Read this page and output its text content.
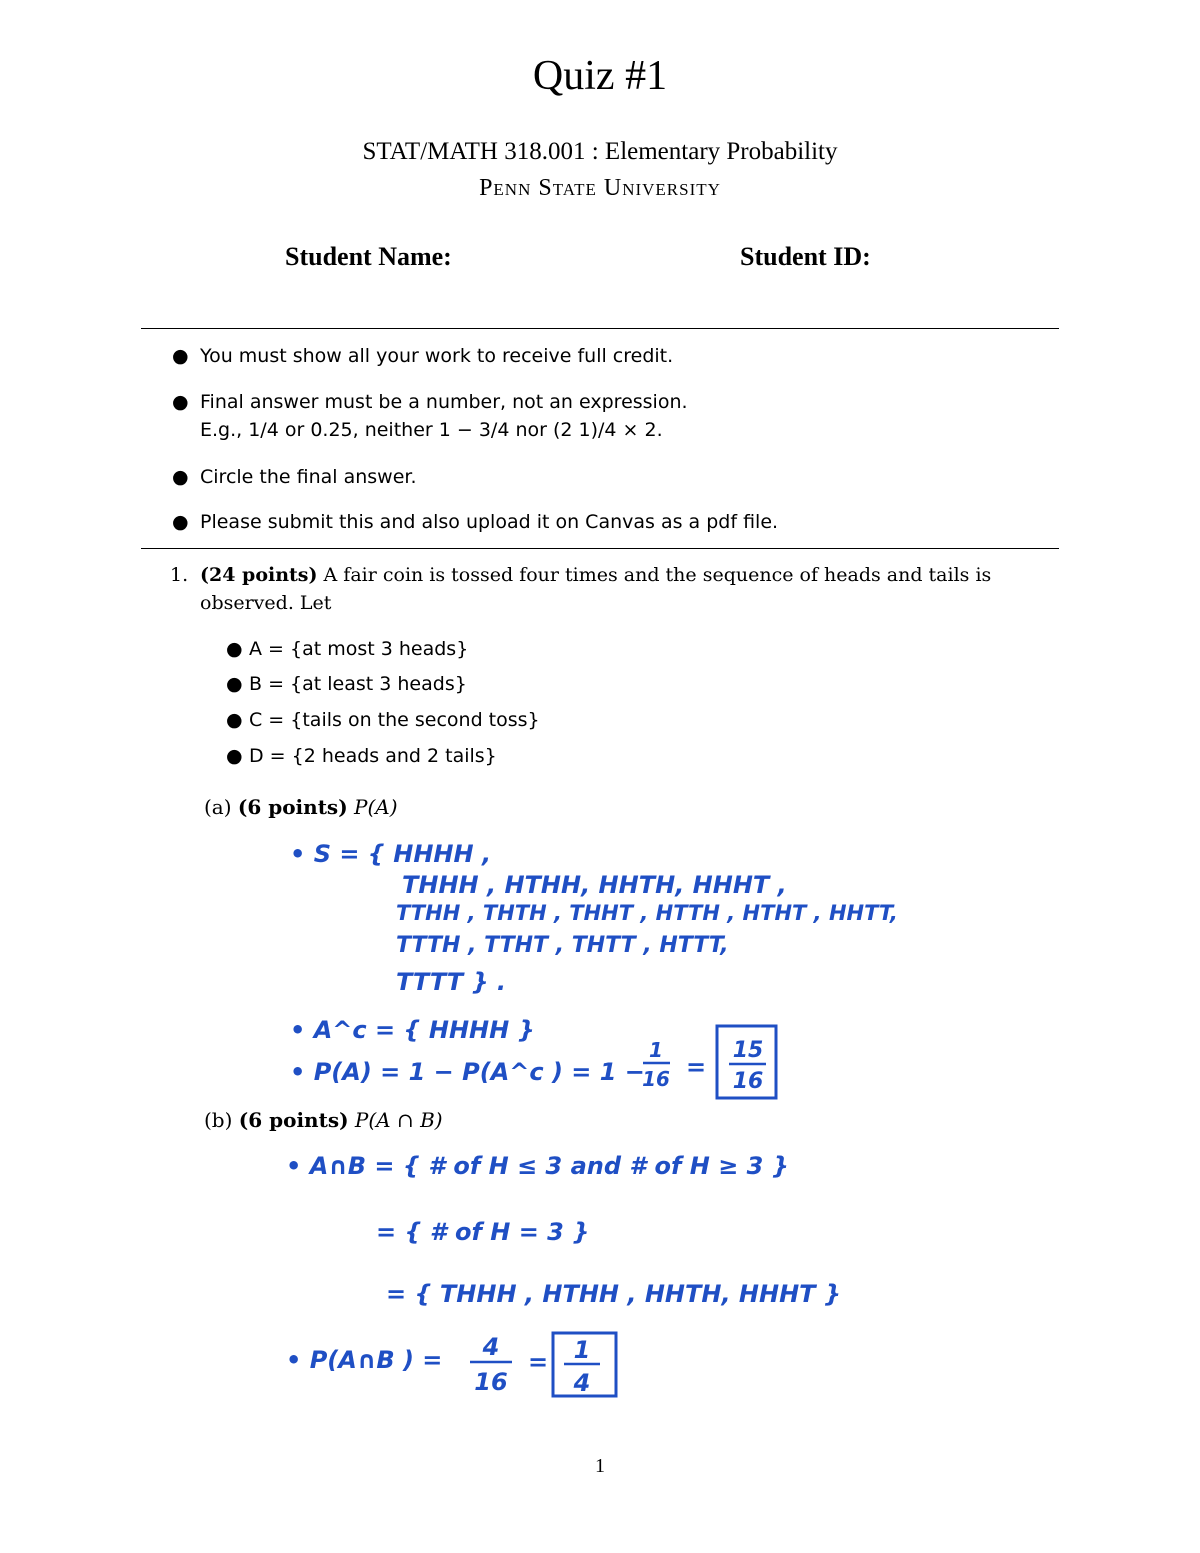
Quiz #1
STAT/MATH 318.001 : Elementary Probability
Penn State University
Student Name:	Student ID:
● You must show all your work to receive full credit.
● Final answer must be a number, not an expression.
E.g., 1/4 or 0.25, neither 1 − 3/4 nor (2 1)/4 × 2.
● Circle the final answer.
● Please submit this and also upload it on Canvas as a pdf file.
1. (24 points) A fair coin is tossed four times and the sequence of heads and tails is
observed. Let
● A = {at most 3 heads}
● B = {at least 3 heads}
● C = {tails on the second toss}
● D = {2 heads and 2 tails}
(a) (6 points) P(A)
(b) (6 points) P(A ∩ B)
• S = { HHHH ,
THHH , HTHH, HHTH, HHHT ,
TTHH , THTH , THHT , HTTH , HTHT , HHTT,
TTTH , TTHT , THTT , HTTT,
TTTT } .
• A^c = { HHHH }
• P(A) = 1 − P(A^c ) = 1 −
1
16 =
15
16
• A∩B = { # of H ≤ 3 and # of H ≥ 3 }
= { # of H = 3 }
= { THHH , HTHH , HHTH, HHHT }
• P(A∩B ) = 4
16
= 1
4
1
